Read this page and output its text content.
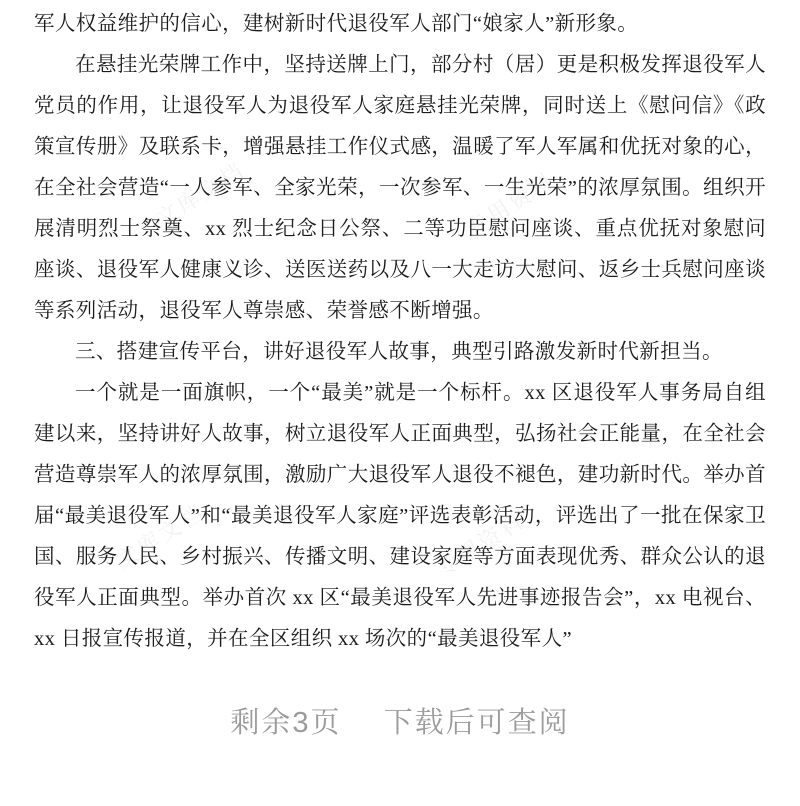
文库文档	专用资料
文库文档	专用资料

军人权益维护的信心，建树新时代退役军人部门“娘家人”新形象。

在悬挂光荣牌工作中，坚持送牌上门，部分村（居）更是积极发挥退役军人党员的作用，让退役军人为退役军人家庭悬挂光荣牌，同时送上《慰问信》《政策宣传册》及联系卡，增强悬挂工作仪式感，温暖了军人军属和优抚对象的心，在全社会营造“一人参军、全家光荣，一次参军、一生光荣”的浓厚氛围。组织开展清明烈士祭奠、xx 烈士纪念日公祭、二等功臣慰问座谈、重点优抚对象慰问座谈、退役军人健康义诊、送医送药以及八一大走访大慰问、返乡士兵慰问座谈等系列活动，退役军人尊崇感、荣誉感不断增强。

三、搭建宣传平台，讲好退役军人故事，典型引路激发新时代新担当。

一个就是一面旗帜，一个“最美”就是一个标杆。xx 区退役军人事务局自组建以来，坚持讲好人故事，树立退役军人正面典型，弘扬社会正能量，在全社会营造尊崇军人的浓厚氛围，激励广大退役军人退役不褪色，建功新时代。举办首届“最美退役军人”和“最美退役军人家庭”评选表彰活动，评选出了一批在保家卫国、服务人民、乡村振兴、传播文明、建设家庭等方面表现优秀、群众公认的退役军人正面典型。举办首次 xx 区“最美退役军人先进事迹报告会”，xx 电视台、xx 日报宣传报道，并在全区组织 xx 场次的“最美退役军人”

剩余3页 下载后可查阅
